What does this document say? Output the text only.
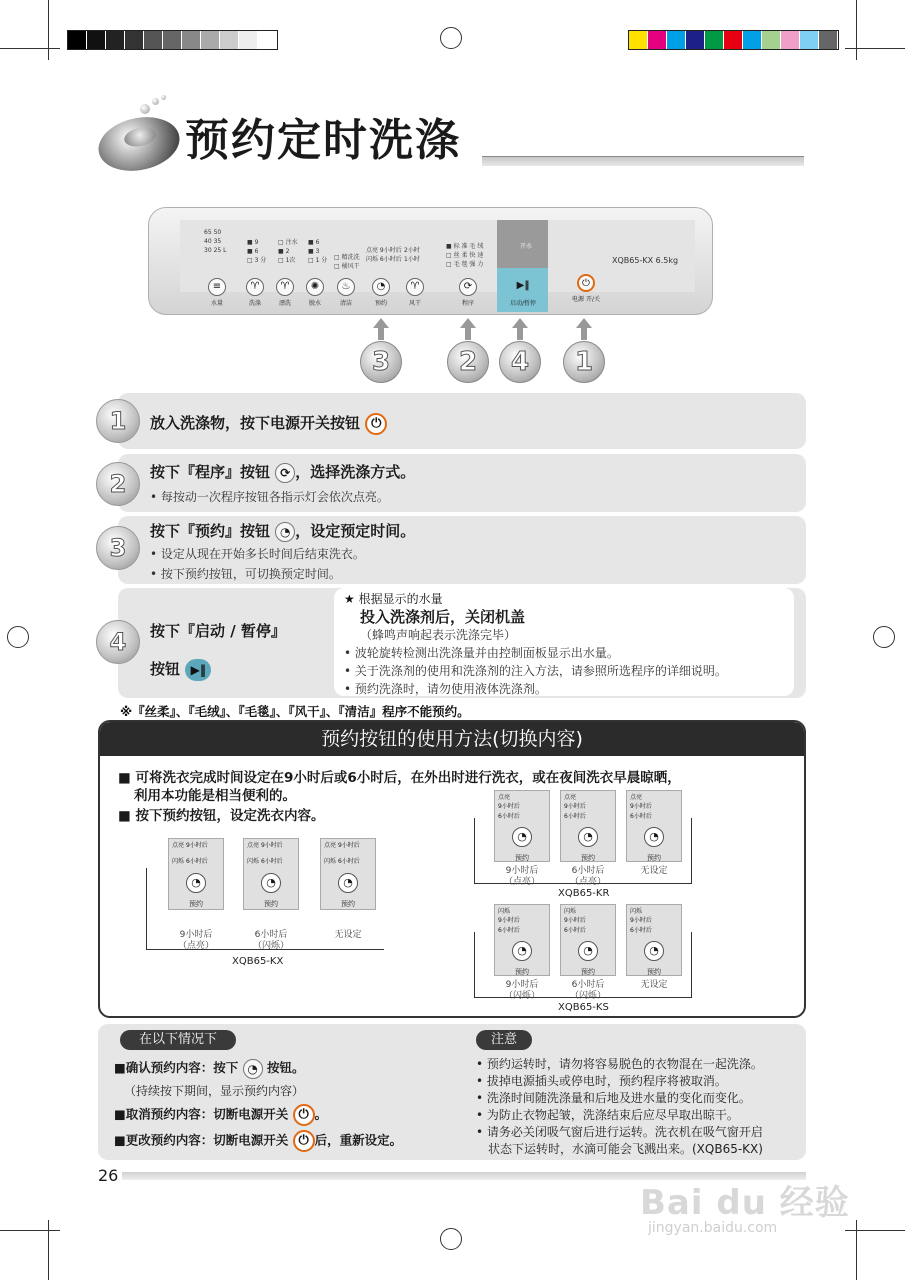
预约定时洗涤
开水
XQB65-KX 6.5kg
65 50
40 35
30 25 L
■ 9
■ 6
□ 3 分
□ 注水
■ 2
□ 1次
■ 6
■ 3
□ 1 分 □ 精洗洗
□ 桶风干
点亮 9小时后
闪烁 6小时后
2小时
1小时
■ 标 准 毛 绒
□ 丝 柔 快 速
□ 毛 毯 强 力
≡
水量
♈
洗涤
♈
漂洗
✺
脱水
♨
清洁
◔
预约
♈
风干
⟳
程序
▶‖
启动/暂停
⏻
电源 开/关
3	2	4	1
1	放入洗涤物，按下电源开关按钮 ⏻
2	按下『程序』按钮 ⟳ ，选择洗涤方式。
• 每按动一次程序按钮各指示灯会依次点亮。
3
按下『预约』按钮 ◔ ，设定预定时间。
• 设定从现在开始多长时间后结束洗衣。
• 按下预约按钮，可切换预定时间。
4	按下『启动 / 暂停』
按钮 ▶‖
★ 根据显示的水量
投入洗涤剂后，关闭机盖
（蜂鸣声响起表示洗涤完毕）
• 波轮旋转检测出洗涤量并由控制面板显示出水量。
• 关于洗涤剂的使用和洗涤剂的注入方法，请参照所选程序的详细说明。
• 预约洗涤时，请勿使用液体洗涤剂。
※『丝柔』、『毛绒』、『毛毯』、『风干』、『清洁』程序不能预约。
预约按钮的使用方法(切换内容)
■ 可将洗衣完成时间设定在9小时后或6小时后，在外出时进行洗衣，或在夜间洗衣早晨晾晒，
利用本功能是相当便利的。
■ 按下预约按钮，设定洗衣内容。
点亮 9小时后
闪烁 6小时后
◔
预约
点亮 9小时后
闪烁 6小时后
◔
预约
点亮 9小时后
闪烁 6小时后
◔
预约
9小时后
（点亮）
6小时后
（闪烁）
无设定
XQB65-KX
点亮
9小时后
6小时后
◔
预约
点亮
9小时后
6小时后
◔
预约
点亮
9小时后
6小时后
◔
预约
9小时后
（点亮）
6小时后
（点亮）
无设定
XQB65-KR
闪烁
9小时后
6小时后
◔
预约
闪烁
9小时后
6小时后
◔
预约
闪烁
9小时后
6小时后
◔
预约
9小时后
（闪烁）
6小时后
（闪烁）
无设定
XQB65-KS
在以下情况下
■确认预约内容：按下 ◔ 按钮。
（持续按下期间，显示预约内容）
■取消预约内容：切断电源开关 ⏻ 。
■更改预约内容：切断电源开关 ⏻ 后，重新设定。
注意
• 预约运转时，请勿将容易脱色的衣物混在一起洗涤。
• 拔掉电源插头或停电时，预约程序将被取消。
• 洗涤时间随洗涤量和后地及进水量的变化而变化。
• 为防止衣物起皱，洗涤结束后应尽早取出晾干。
• 请务必关闭吸气窗后进行运转。洗衣机在吸气窗开启
状态下运转时，水滴可能会飞溅出来。(XQB65-KX)
26
Bai du 经验
jingyan.baidu.com
